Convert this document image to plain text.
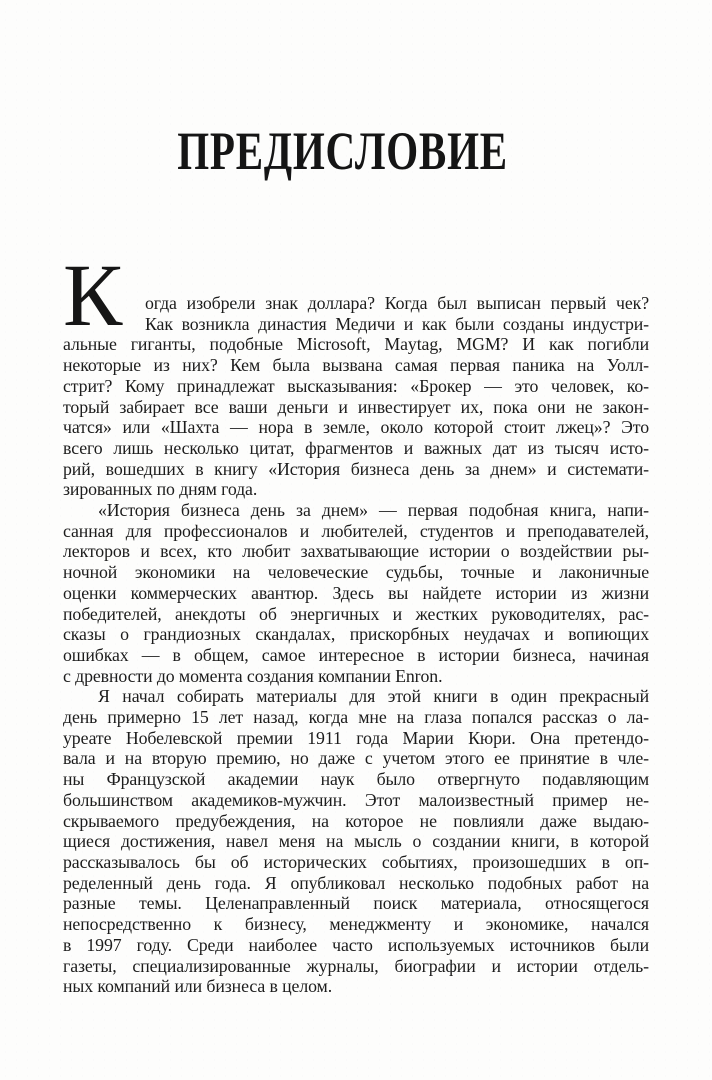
ПРЕДИСЛОВИЕ
К огда изобрели знак доллара? Когда был выписан первый чек?
Как возникла династия Медичи и как были созданы индустри-
альные гиганты, подобные Microsoft, Maytag, MGM? И как погибли
некоторые из них? Кем была вызвана самая первая паника на Уолл-
стрит? Кому принадлежат высказывания: «Брокер — это человек, ко-
торый забирает все ваши деньги и инвестирует их, пока они не закон-
чатся» или «Шахта — нора в земле, около которой стоит лжец»? Это
всего лишь несколько цитат, фрагментов и важных дат из тысяч исто-
рий, вошедших в книгу «История бизнеса день за днем» и системати-
зированных по дням года.
«История бизнеса день за днем» — первая подобная книга, напи-
санная для профессионалов и любителей, студентов и преподавателей,
лекторов и всех, кто любит захватывающие истории о воздействии ры-
ночной экономики на человеческие судьбы, точные и лаконичные
оценки коммерческих авантюр. Здесь вы найдете истории из жизни
победителей, анекдоты об энергичных и жестких руководителях, рас-
сказы о грандиозных скандалах, прискорбных неудачах и вопиющих
ошибках — в общем, самое интересное в истории бизнеса, начиная
с древности до момента создания компании Enron.
Я начал собирать материалы для этой книги в один прекрасный
день примерно 15 лет назад, когда мне на глаза попался рассказ о ла-
уреате Нобелевской премии 1911 года Марии Кюри. Она претендо-
вала и на вторую премию, но даже с учетом этого ее принятие в чле-
ны Французской академии наук было отвергнуто подавляющим
большинством академиков-мужчин. Этот малоизвестный пример не-
скрываемого предубеждения, на которое не повлияли даже выдаю-
щиеся достижения, навел меня на мысль о создании книги, в которой
рассказывалось бы об исторических событиях, произошедших в оп-
ределенный день года. Я опубликовал несколько подобных работ на
разные темы. Целенаправленный поиск материала, относящегося
непосредственно к бизнесу, менеджменту и экономике, начался
в 1997 году. Среди наиболее часто используемых источников были
газеты, специализированные журналы, биографии и истории отдель-
ных компаний или бизнеса в целом.
